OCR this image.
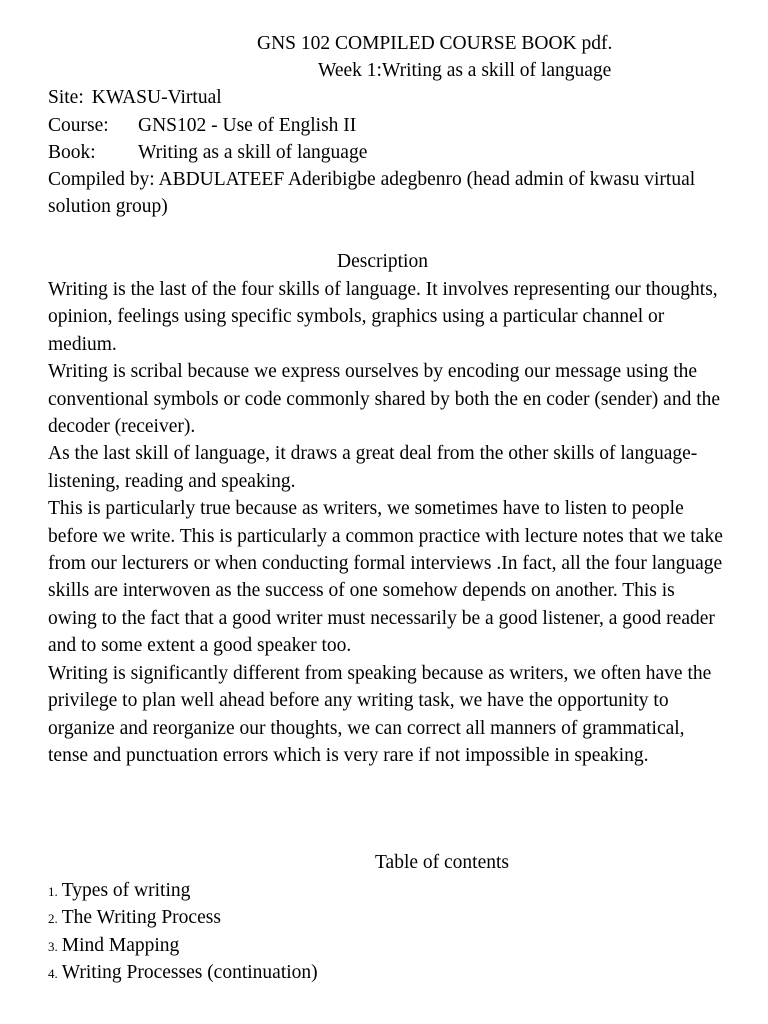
GNS 102 COMPILED COURSE BOOK pdf.
Week 1:Writing as a skill of language
Site: KWASU-Virtual
Course: GNS102 - Use of English II
Book: Writing as a skill of language
Compiled by: ABDULATEEF Aderibigbe adegbenro (head admin of kwasu virtual solution group)
Description

Writing is the last of the four skills of language. It involves representing our thoughts, opinion, feelings using specific symbols, graphics using a particular channel or medium.

Writing is scribal because we express ourselves by encoding our message using the conventional symbols or code commonly shared by both the en coder (sender) and the decoder (receiver).

As the last skill of language, it draws a great deal from the other skills of language-listening, reading and speaking.

This is particularly true because as writers, we sometimes have to listen to people before we write. This is particularly a common practice with lecture notes that we take from our lecturers or when conducting formal interviews .In fact, all the four language skills are interwoven as the success of one somehow depends on another. This is owing to the fact that a good writer must necessarily be a good listener, a good reader and to some extent a good speaker too.

Writing is significantly different from speaking because as writers, we often have the privilege to plan well ahead before any writing task, we have the opportunity to organize and reorganize our thoughts, we can correct all manners of grammatical, tense and punctuation errors which is very rare if not impossible in speaking.

Table of contents
1. Types of writing
2. The Writing Process
3. Mind Mapping
4. Writing Processes (continuation)
